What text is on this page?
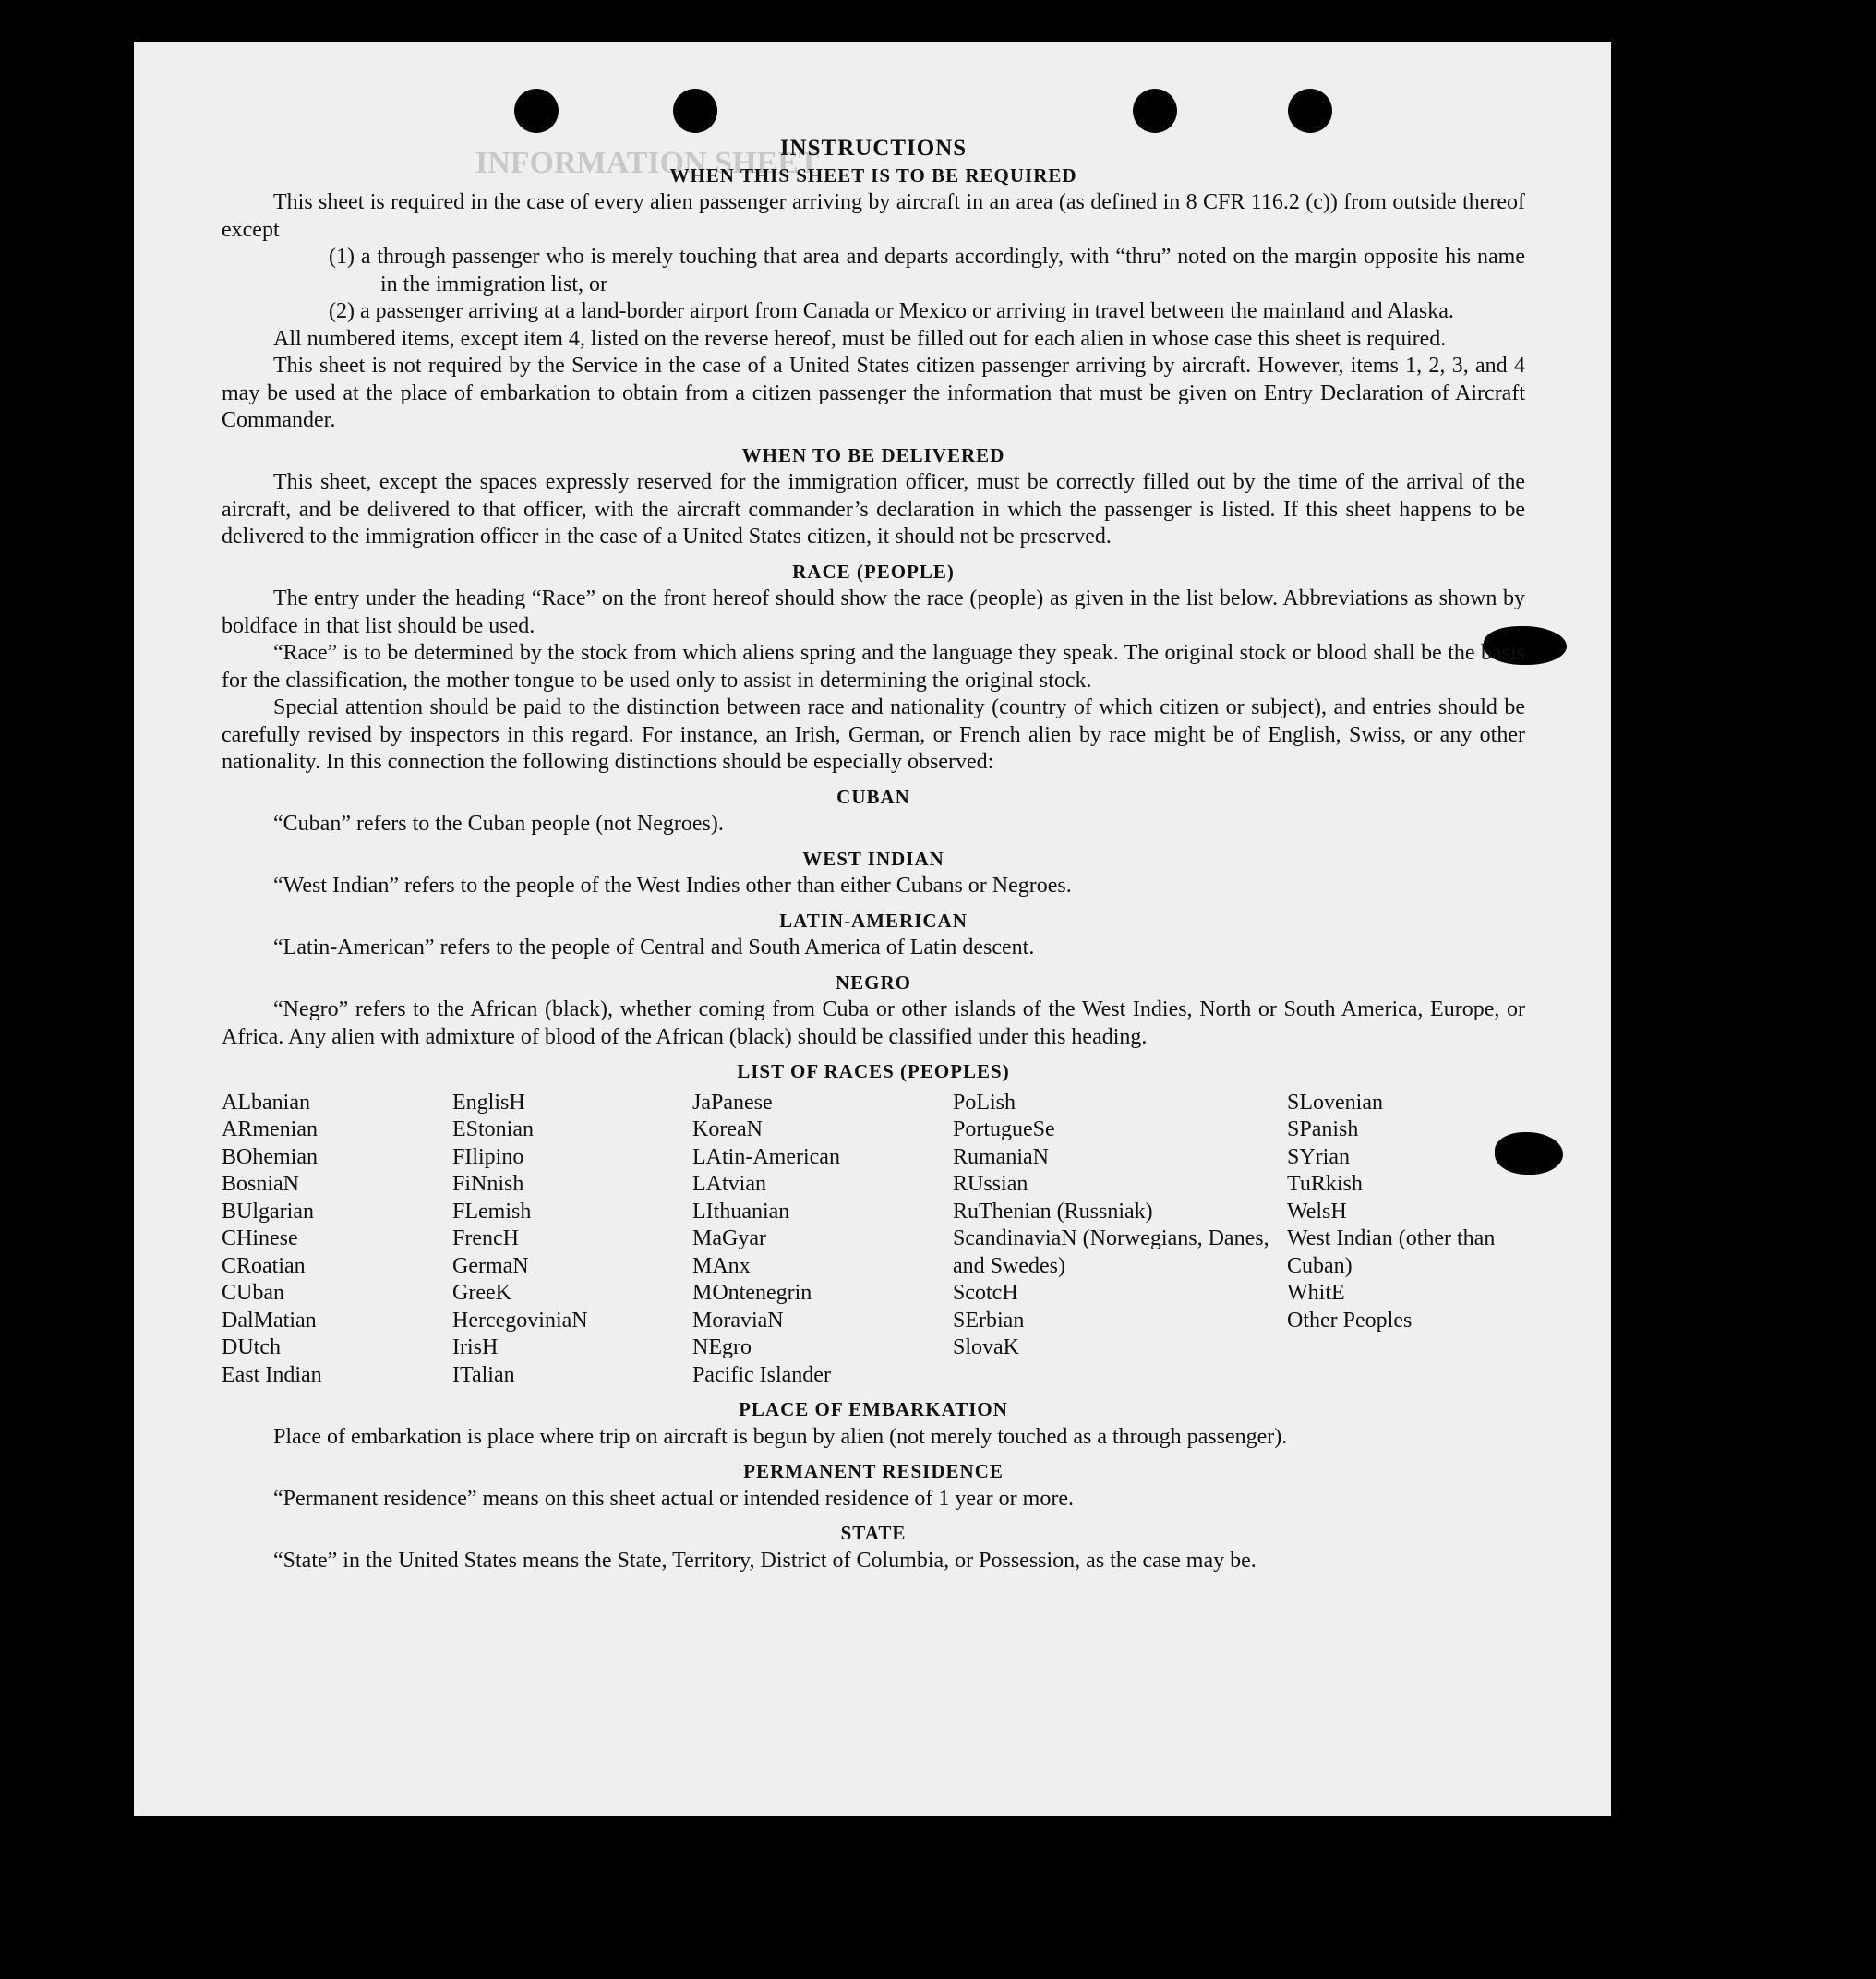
INFORMATION SHEET
INSTRUCTIONS
WHEN THIS SHEET IS TO BE REQUIRED

This sheet is required in the case of every alien passenger arriving by aircraft in an area (as defined in 8 CFR 116.2 (c)) from outside thereof except

(1) a through passenger who is merely touching that area and departs accordingly, with “thru” noted on the margin opposite his name in the immigration list, or

(2) a passenger arriving at a land-border airport from Canada or Mexico or arriving in travel between the mainland and Alaska.

All numbered items, except item 4, listed on the reverse hereof, must be filled out for each alien in whose case this sheet is required.

This sheet is not required by the Service in the case of a United States citizen passenger arriving by aircraft. However, items 1, 2, 3, and 4 may be used at the place of embarkation to obtain from a citizen passenger the information that must be given on Entry Declaration of Aircraft Commander.

WHEN TO BE DELIVERED

This sheet, except the spaces expressly reserved for the immigration officer, must be correctly filled out by the time of the arrival of the aircraft, and be delivered to that officer, with the aircraft commander’s declaration in which the passenger is listed. If this sheet happens to be delivered to the immigration officer in the case of a United States citizen, it should not be preserved.

RACE (PEOPLE)

The entry under the heading “Race” on the front hereof should show the race (people) as given in the list below. Abbreviations as shown by boldface in that list should be used.

“Race” is to be determined by the stock from which aliens spring and the language they speak. The original stock or blood shall be the basis for the classification, the mother tongue to be used only to assist in determining the original stock.

Special attention should be paid to the distinction between race and nationality (country of which citizen or subject), and entries should be carefully revised by inspectors in this regard. For instance, an Irish, German, or French alien by race might be of English, Swiss, or any other nationality. In this connection the following distinctions should be especially observed:

CUBAN

“Cuban” refers to the Cuban people (not Negroes).

WEST INDIAN

“West Indian” refers to the people of the West Indies other than either Cubans or Negroes.

LATIN-AMERICAN

“Latin-American” refers to the people of Central and South America of Latin descent.

NEGRO

“Negro” refers to the African (black), whether coming from Cuba or other islands of the West Indies, North or South America, Europe, or Africa. Any alien with admixture of blood of the African (black) should be classified under this heading.

LIST OF RACES (PEOPLES)
ALbanian
ARmenian
BOhemian
BosniaN
BUlgarian
CHinese
CRoatian
CUban
DalMatian
DUtch
East Indian
EnglisH
EStonian
FIlipino
FiNnish
FLemish
FrencH
GermaN
GreeK
HercegoviniaN
IrisH
ITalian
JaPanese
KoreaN
LAtin-American
LAtvian
LIthuanian
MaGyar
MAnx
MOntenegrin
MoraviaN
NEgro
Pacific Islander
PoLish
PortugueSe
RumaniaN
RUssian
RuThenian (Russniak)
ScandinaviaN (Norwegians, Danes, and Swedes)
ScotcH
SErbian
SlovaK
SLovenian
SPanish
SYrian
TuRkish
WelsH
West Indian (other than Cuban)
WhitE
Other Peoples
PLACE OF EMBARKATION

Place of embarkation is place where trip on aircraft is begun by alien (not merely touched as a through passenger).

PERMANENT RESIDENCE

“Permanent residence” means on this sheet actual or intended residence of 1 year or more.

STATE

“State” in the United States means the State, Territory, District of Columbia, or Possession, as the case may be.
